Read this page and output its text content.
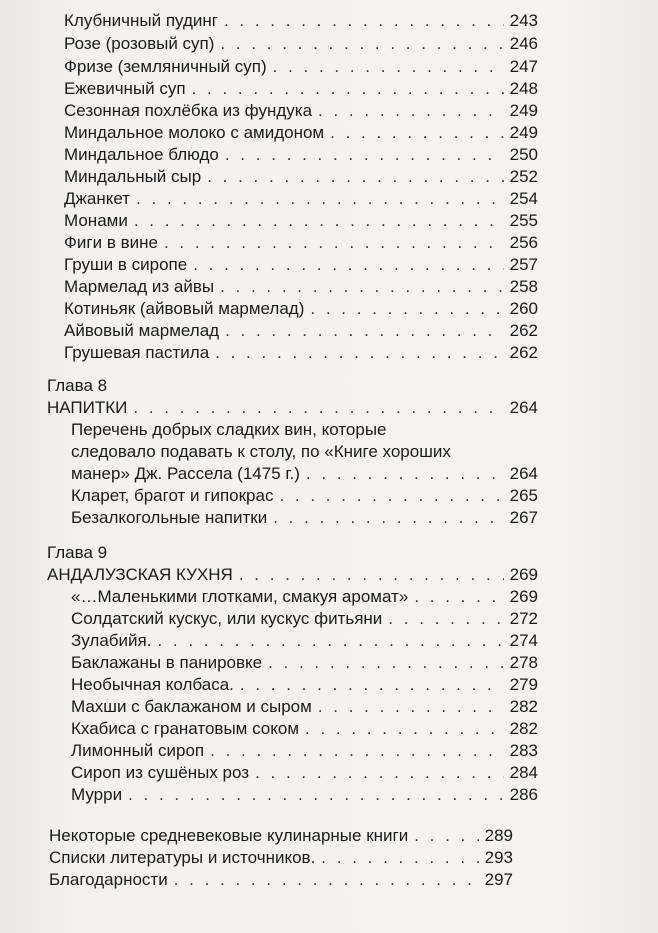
Клубничный пудинг . . .	243
Розе (розовый суп) . . .	246
Фризе (земляничный суп) . . .	247
Ежевичный суп . . .	248
Сезонная похлёбка из фундука . . .	249
Миндальное молоко с амидоном . . .	249
Миндальное блюдо . . .	250
Миндальный сыр . . .	252
Джанкет . . .	254
Монами . . .	255
Фиги в вине . . .	256
Груши в сиропе . . .	257
Мармелад из айвы . . .	258
Котиньяк (айвовый мармелад) . . .	260
Айвовый мармелад . . .	262
Грушевая пастила . . .	262
Глава 8
НАПИТКИ . . .	264
Перечень добрых сладких вин, которые
следовало подавать к столу, по «Книге хороших
манер» Дж. Рассела (1475 г.) . . .	264
Кларет, брагот и гипокрас . . .	265
Безалкогольные напитки . . .	267
Глава 9
АНДАЛУЗСКАЯ КУХНЯ . . .	269
«…Маленькими глотками, смакуя аромат» . . .	269
Солдатский кускус, или кускус фитьяни . . .	272
Зулабийя. . . .	274
Баклажаны в панировке . . .	278
Необычная колбаса. . . .	279
Махши с баклажаном и сыром . . .	282
Кхабиса с гранатовым соком . . .	282
Лимонный сироп . . .	283
Сироп из сушёных роз . . .	284
Мурри . . .	286
Некоторые средневековые кулинарные книги . . .	289
Списки литературы и источников. . . .	293
Благодарности . . .	297
